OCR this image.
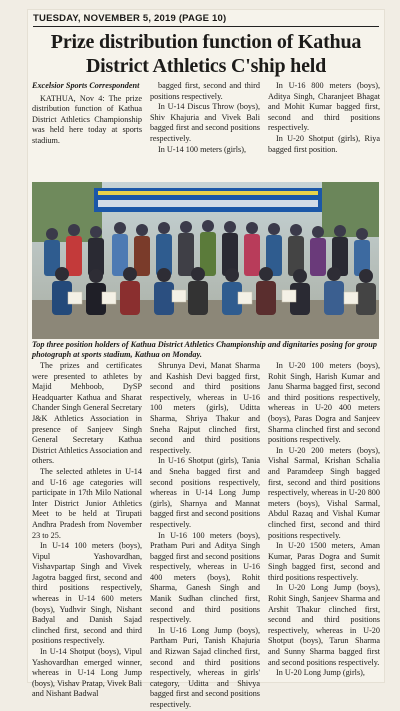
TUESDAY, NOVEMBER 5, 2019 (PAGE 10)
Prize distribution function of Kathua District Athletics C'ship held

Excelsior Sports Correspondent

KATHUA, Nov 4: The prize distribution function of Kathua District Athletics Championship was held here today at sports stadium.

bagged first, second and third positions respectively.

In U-14 Discus Throw (boys), Shiv Khajuria and Vivek Bali bagged first and second positions respectively.

In U-14 100 meters (girls),

In U-16 800 meters (boys), Aditya Singh, Charanjeet Bhagat and Mohit Kumar bagged first, second and third positions respectively.

In U-20 Shotput (girls), Riya bagged first position.

Top three position holders of Kathua District Athletics Championship and dignitaries posing for group photograph at sports stadium, Kathua on Monday.

The prizes and certificates were presented to athletes by Majid Mehboob, DySP Headquarter Kathua and Sharat Chander Singh General Secretary J&K Athletics Association in presence of Sanjeev Singh General Secretary Kathua District Athletics Association and others.

The selected athletes in U-14 and U-16 age categories will participate in 17th Milo National Inter District Junior Athletics Meet to be held at Tirupati Andhra Pradesh from November 23 to 25.

In U-14 100 meters (boys), Vipul Yashovardhan, Vishavpartap Singh and Vivek Jagotra bagged first, second and third positions respectively, whereas in U-14 600 meters (boys), Yudhvir Singh, Nishant Badyal and Danish Sajad clinched first, second and third positions respectively.

In U-14 Shotput (boys), Vipul Yashovardhan emerged winner, whereas in U-14 Long Jump (boys), Vishav Pratap, Vivek Bali and Nishant Badwal

Shrunya Devi, Manat Sharma and Kashish Devi bagged first, second and third positions respectively, whereas in U-16 100 meters (girls), Uditta Sharma, Shriya Thakur and Sneha Rajput clinched first, second and third positions respectively.

In U-16 Shotput (girls), Tania and Sneha bagged first and second positions respectively, whereas in U-14 Long Jump (girls), Sharnya and Mannat bagged first and second positions respectively.

In U-16 100 meters (boys), Pratham Puri and Aditya Singh bagged first and second positions respectively, whereas in U-16 400 meters (boys), Rohit Sharma, Ganesh Singh and Manik Sudhan clinched first, second and third positions respectively.

In U-16 Long Jump (boys), Partham Puri, Tanish Khajuria and Rizwan Sajad clinched first, second and third positions respectively, whereas in girls' category, Uditta and Shivya bagged first and second positions respectively.

In U-20 100 meters (boys), Rohit Singh, Harish Kumar and Janu Sharma bagged first, second and third positions respectively, whereas in U-20 400 meters (boys), Paras Dogra and Sanjeev Sharma clinched first and second positions respectively.

In U-20 200 meters (boys), Vishal Sarmal, Krishan Schalia and Paramdeep Singh bagged first, second and third positions respectively, whereas in U-20 800 meters (boys), Vishal Sarmal, Abdul Razaq and Vishal Kumar clinched first, second and third positions respectively.

In U-20 1500 meters, Aman Kumar, Paras Dogra and Sumit Singh bagged first, second and third positions respectively.

In U-20 Long Jump (boys), Rohit Singh, Sanjeev Sharma and Arshit Thakur clinched first, second and third positions respectively, whereas in U-20 Shotput (boys), Tarun Sharma and Sunny Sharma bagged first and second positions respectively.

In U-20 Long Jump (girls),
